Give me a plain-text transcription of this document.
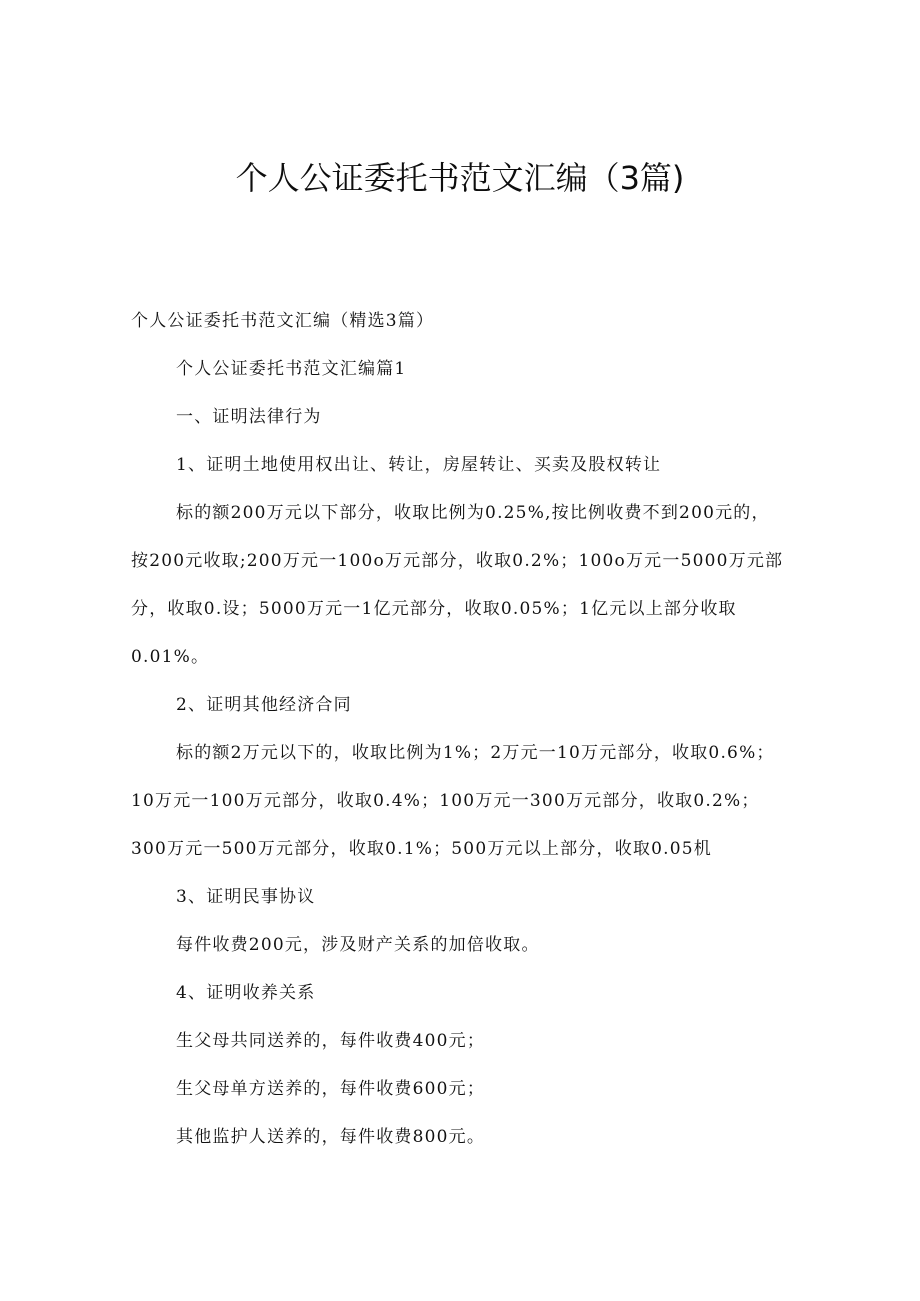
个人公证委托书范文汇编（3篇)
个人公证委托书范文汇编（精选3篇）
个人公证委托书范文汇编篇1
一、证明法律行为
1、证明土地使用权出让、转让，房屋转让、买卖及股权转让
标的额200万元以下部分，收取比例为0.25%,按比例收费不到200元的，
按200元收取;200万元一100o万元部分，收取0.2%；100o万元一5000万元部
分，收取0.设；5000万元一1亿元部分，收取0.05%；1亿元以上部分收取
0.01%。
2、证明其他经济合同
标的额2万元以下的，收取比例为1%；2万元一10万元部分，收取0.6%；
10万元一100万元部分，收取0.4%；100万元一300万元部分，收取0.2%；
300万元一500万元部分，收取0.1%；500万元以上部分，收取0.05机
3、证明民事协议
每件收费200元，涉及财产关系的加倍收取。
4、证明收养关系
生父母共同送养的，每件收费400元；
生父母单方送养的，每件收费600元；
其他监护人送养的，每件收费800元。
